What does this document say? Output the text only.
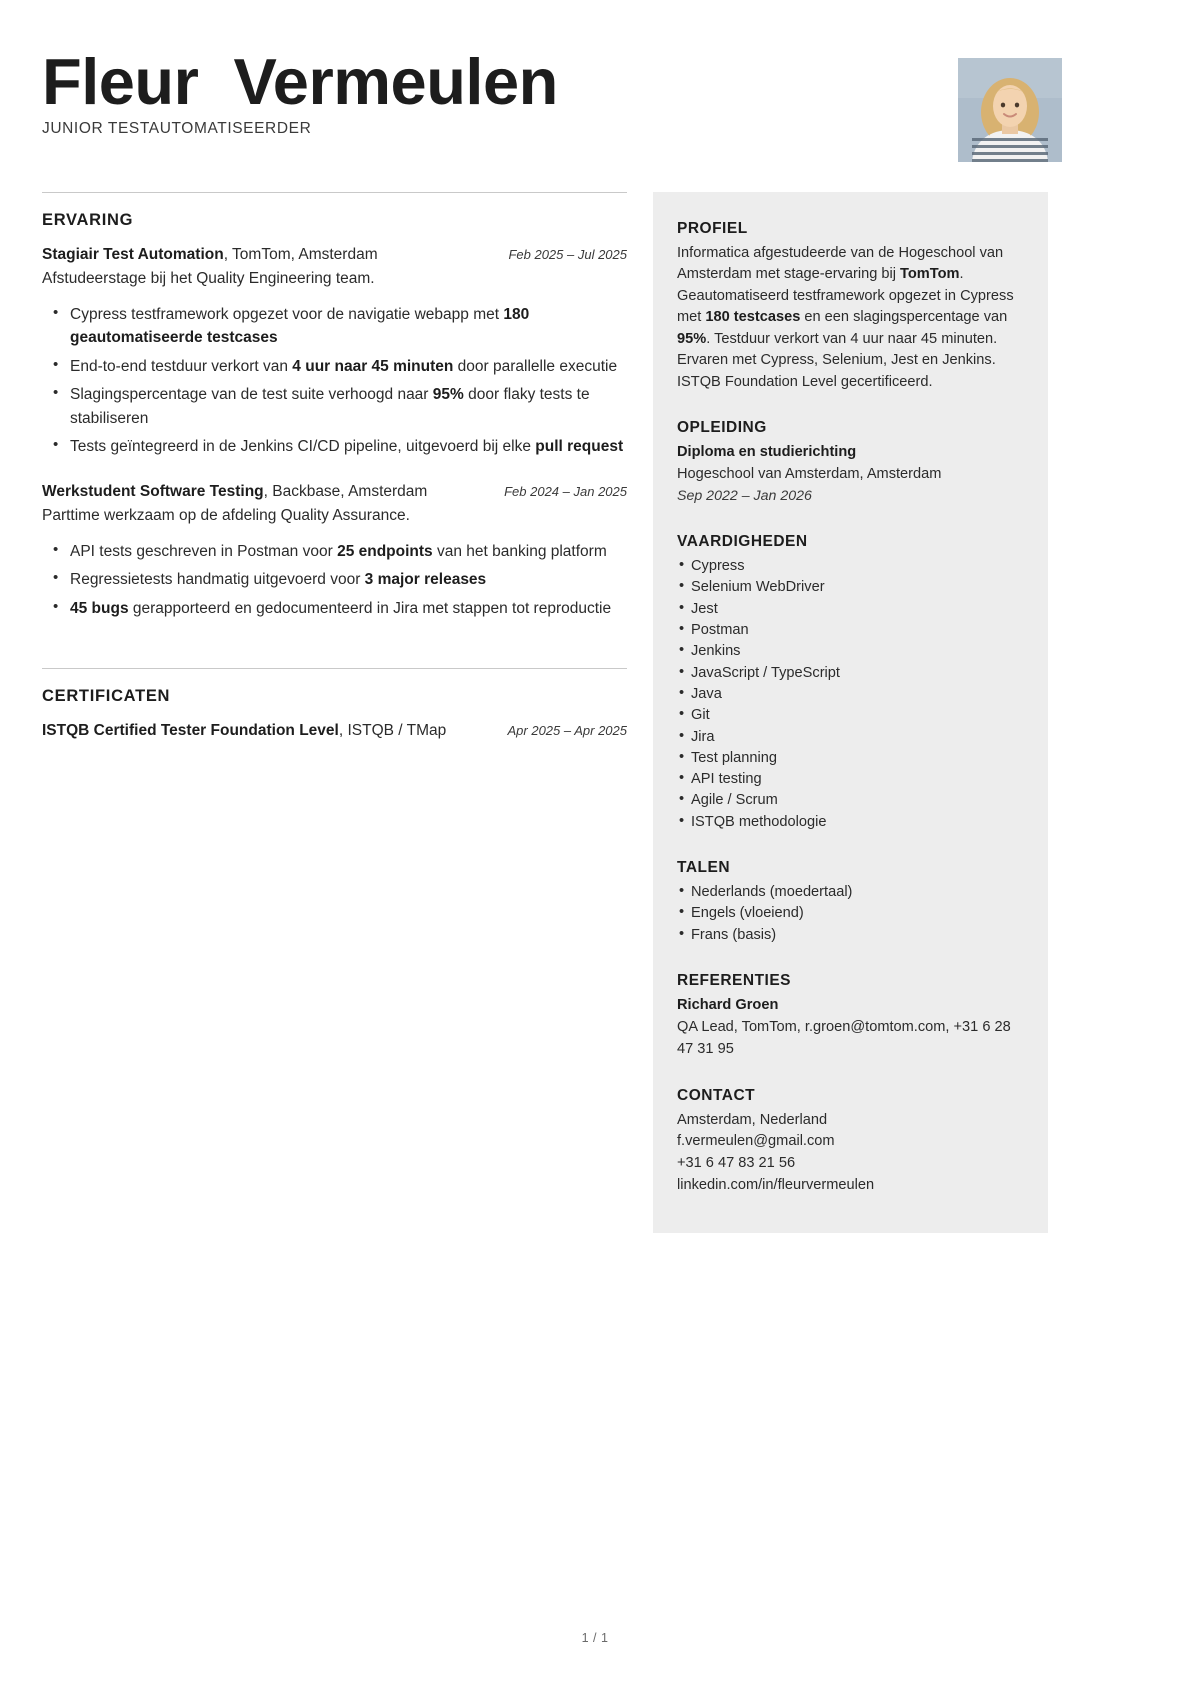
Fleur  Vermeulen
JUNIOR TESTAUTOMATISEERDER
ERVARING
Stagiair Test Automation, TomTom, Amsterdam	Feb 2025 – Jul 2025
Afstudeerstage bij het Quality Engineering team.
• Cypress testframework opgezet voor de navigatie webapp met 180 geautomatiseerde testcases
• End-to-end testduur verkort van 4 uur naar 45 minuten door parallelle executie
• Slagingspercentage van de test suite verhoogd naar 95% door flaky tests te stabiliseren
• Tests geïntegreerd in de Jenkins CI/CD pipeline, uitgevoerd bij elke pull request
Werkstudent Software Testing, Backbase, Amsterdam	Feb 2024 – Jan 2025
Parttime werkzaam op de afdeling Quality Assurance.
• API tests geschreven in Postman voor 25 endpoints van het banking platform
• Regressietests handmatig uitgevoerd voor 3 major releases
• 45 bugs gerapporteerd en gedocumenteerd in Jira met stappen tot reproductie
CERTIFICATEN
ISTQB Certified Tester Foundation Level, ISTQB / TMap	Apr 2025 – Apr 2025
PROFIEL

Informatica afgestudeerde van de Hogeschool van Amsterdam met stage-ervaring bij TomTom. Geautomatiseerd testframework opgezet in Cypress met 180 testcases en een slagingspercentage van 95%. Testduur verkort van 4 uur naar 45 minuten. Ervaren met Cypress, Selenium, Jest en Jenkins. ISTQB Foundation Level gecertificeerd.

OPLEIDING
Diploma en studierichting
Hogeschool van Amsterdam, Amsterdam
Sep 2022 – Jan 2026
VAARDIGHEDEN
• Cypress
• Selenium WebDriver
• Jest
• Postman
• Jenkins
• JavaScript / TypeScript
• Java
• Git
• Jira
• Test planning
• API testing
• Agile / Scrum
• ISTQB methodologie
TALEN
• Nederlands (moedertaal)
• Engels (vloeiend)
• Frans (basis)
REFERENTIES
Richard Groen
QA Lead, TomTom, r.groen@tomtom.com, +31 6 28 47 31 95
CONTACT
Amsterdam, Nederland
f.vermeulen@gmail.com
+31 6 47 83 21 56
linkedin.com/in/fleurvermeulen
1 / 1
